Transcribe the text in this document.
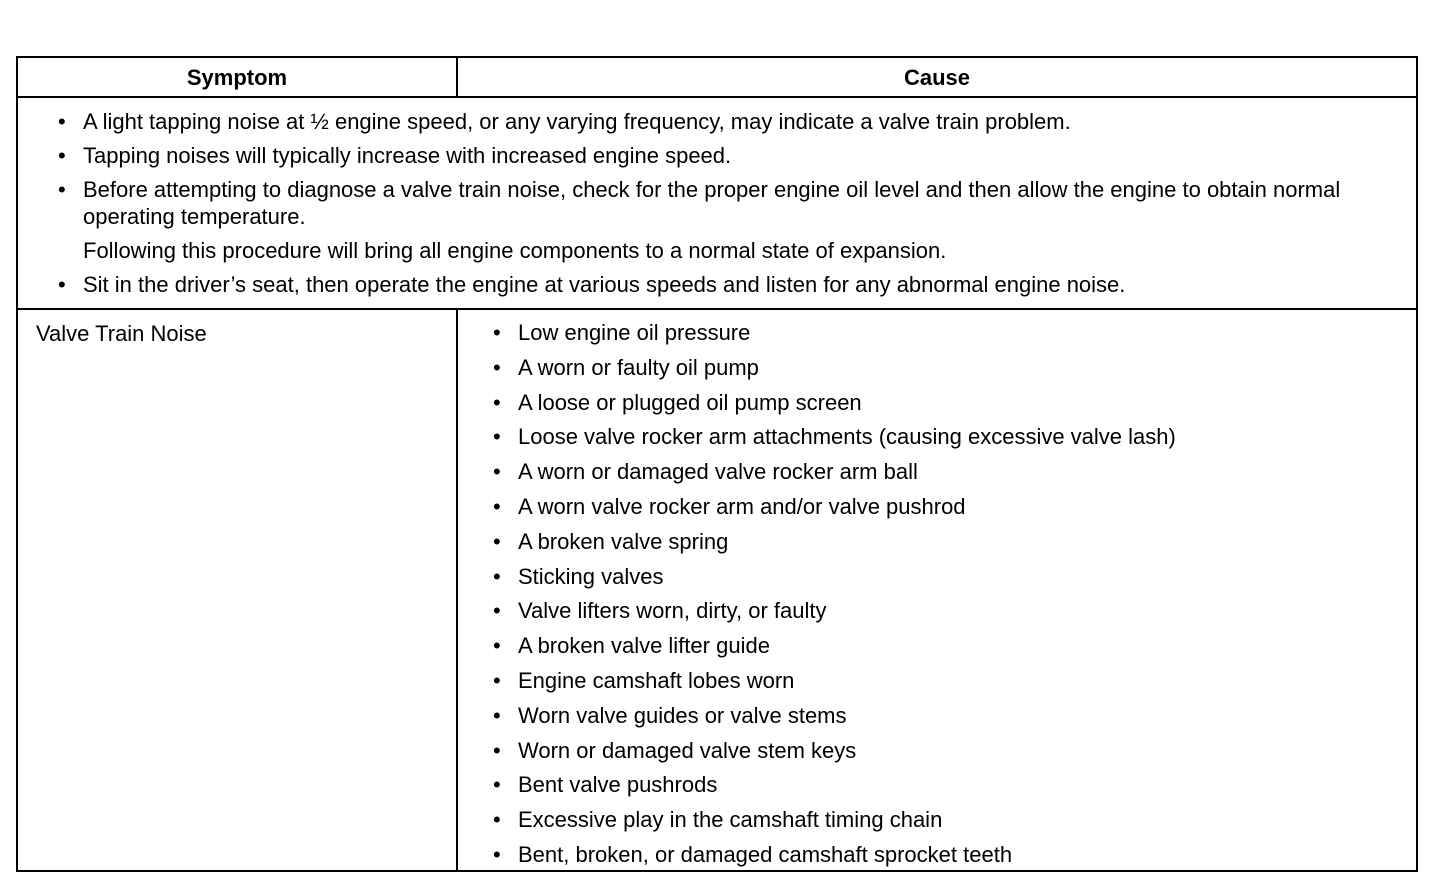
Symptom	Cause
• A light tapping noise at ½ engine speed, or any varying frequency, may indicate a valve train problem.
• Tapping noises will typically increase with increased engine speed.
• Before attempting to diagnose a valve train noise, check for the proper engine oil level and then allow the engine to obtain normal operating temperature.
Following this procedure will bring all engine components to a normal state of expansion.
• Sit in the driver’s seat, then operate the engine at various speeds and listen for any abnormal engine noise.
Valve Train Noise	• Low engine oil pressure
• A worn or faulty oil pump
• A loose or plugged oil pump screen
• Loose valve rocker arm attachments (causing excessive valve lash)
• A worn or damaged valve rocker arm ball
• A worn valve rocker arm and/or valve pushrod
• A broken valve spring
• Sticking valves
• Valve lifters worn, dirty, or faulty
• A broken valve lifter guide
• Engine camshaft lobes worn
• Worn valve guides or valve stems
• Worn or damaged valve stem keys
• Bent valve pushrods
• Excessive play in the camshaft timing chain
• Bent, broken, or damaged camshaft sprocket teeth
